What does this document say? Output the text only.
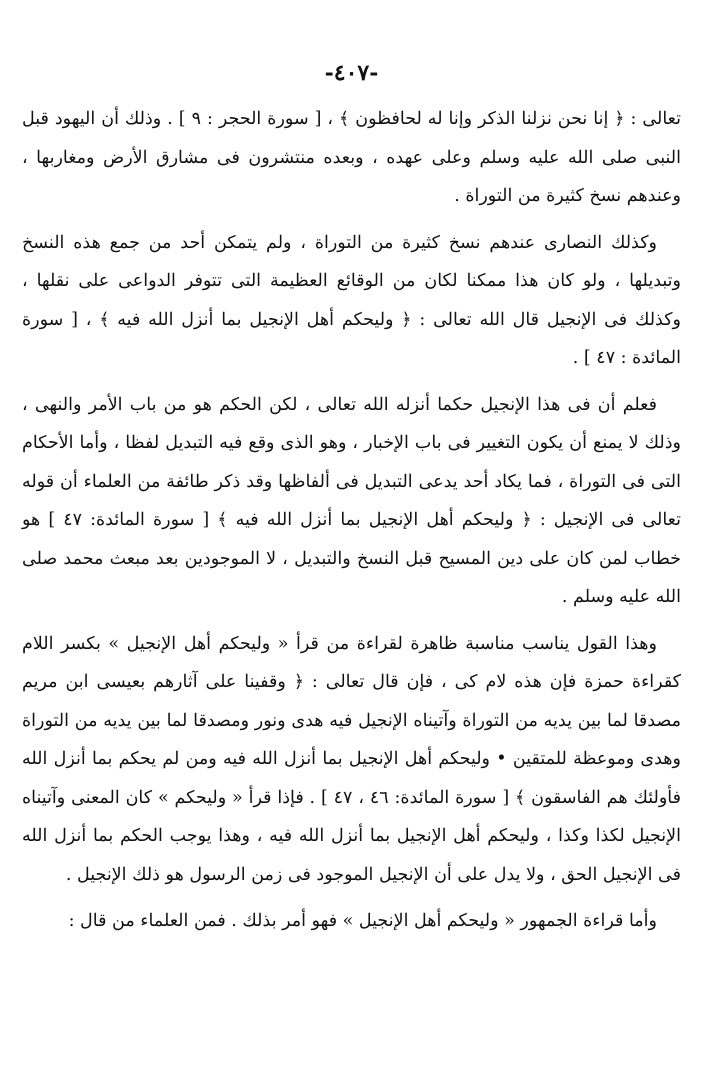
-٤٠٧-

تعالى : ﴿ إنا نحن نزلنا الذكر وإنا له لحافظون ﴾ ، [ سورة الحجر : ٩ ] . وذلك أن اليهود قبل النبى صلى الله عليه وسلم وعلى عهده ، وبعده منتشرون فى مشارق الأرض ومغاربها ، وعندهم نسخ كثيرة من التوراة .

وكذلك النصارى عندهم نسخ كثيرة من التوراة ، ولم يتمكن أحد من جمع هذه النسخ وتبديلها ، ولو كان هذا ممكنا لكان من الوقائع العظيمة التى تتوفر الدواعى على نقلها ، وكذلك فى الإنجيل قال الله تعالى : ﴿ وليحكم أهل الإنجيل بما أنزل الله فيه ﴾ ، [ سورة المائدة : ٤٧ ] .

فعلم أن فى هذا الإنجيل حكما أنزله الله تعالى ، لكن الحكم هو من باب الأمر والنهى ، وذلك لا يمنع أن يكون التغيير فى باب الإخبار ، وهو الذى وقع فيه التبديل لفظا ، وأما الأحكام التى فى التوراة ، فما يكاد أحد يدعى التبديل فى ألفاظها وقد ذكر طائفة من العلماء أن قوله تعالى فى الإنجيل : ﴿ وليحكم أهل الإنجيل بما أنزل الله فيه ﴾ [ سورة المائدة: ٤٧ ] هو خطاب لمن كان على دين المسيح قبل النسخ والتبديل ، لا الموجودين بعد مبعث محمد صلى الله عليه وسلم .

وهذا القول يناسب مناسبة ظاهرة لقراءة من قرأ « وليحكم أهل الإنجيل » بكسر اللام كقراءة حمزة فإن هذه لام كى ، فإن قال تعالى : ﴿ وقفينا على آثارهم بعيسى ابن مريم مصدقا لما بين يديه من التوراة وآتيناه الإنجيل فيه هدى ونور ومصدقا لما بين يديه من التوراة وهدى وموعظة للمتقين • وليحكم أهل الإنجيل بما أنزل الله فيه ومن لم يحكم بما أنزل الله فأولئك هم الفاسقون ﴾ [ سورة المائدة: ٤٦ ، ٤٧ ] . فإذا قرأ « وليحكم » كان المعنى وآتيناه الإنجيل لكذا وكذا ، وليحكم أهل الإنجيل بما أنزل الله فيه ، وهذا يوجب الحكم بما أنزل الله فى الإنجيل الحق ، ولا يدل على أن الإنجيل الموجود فى زمن الرسول هو ذلك الإنجيل .

وأما قراءة الجمهور « وليحكم أهل الإنجيل » فهو أمر بذلك . فمن العلماء من قال :
